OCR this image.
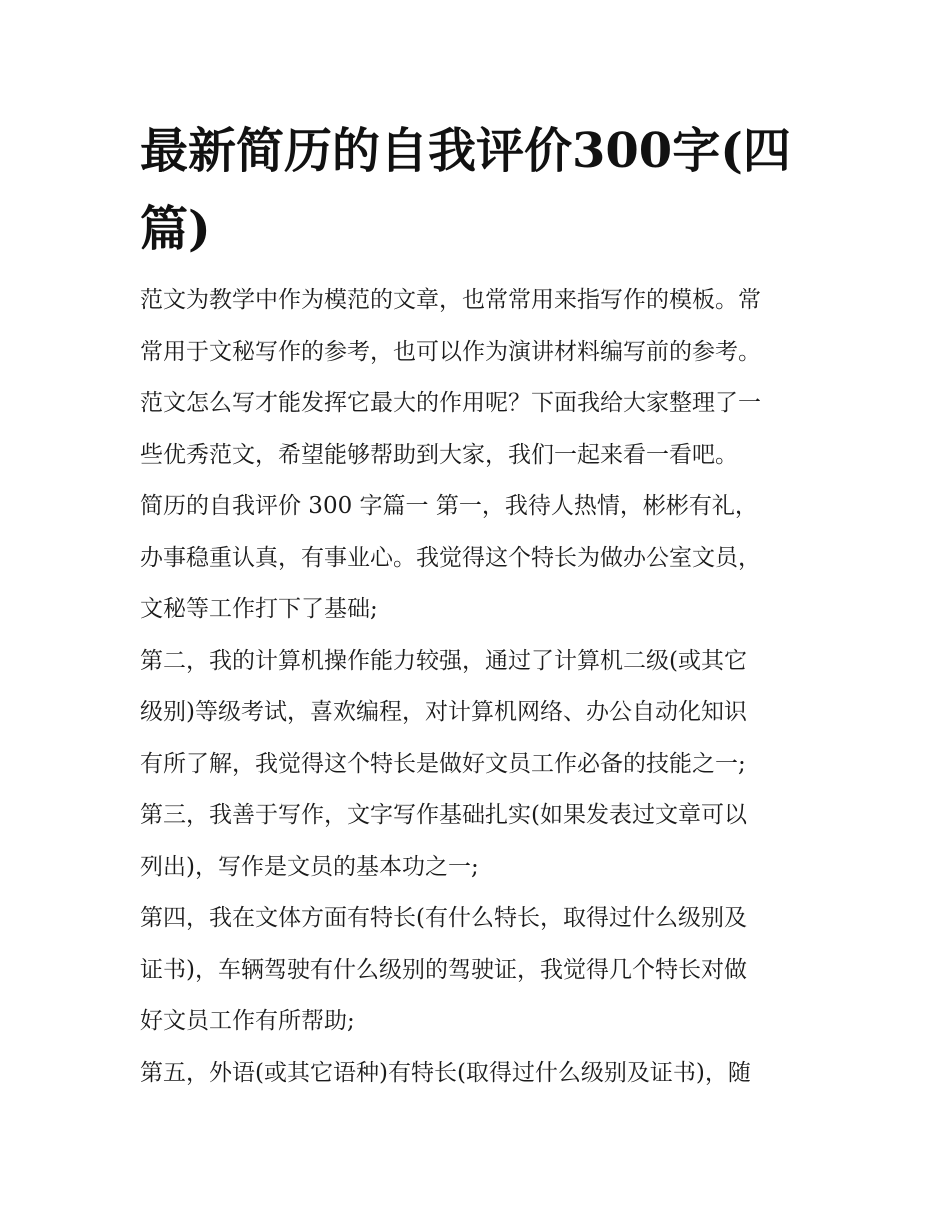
最新简历的自我评价300字(四篇)
范文为教学中作为模范的文章，也常常用来指写作的模板。常
常用于文秘写作的参考，也可以作为演讲材料编写前的参考。
范文怎么写才能发挥它最大的作用呢？下面我给大家整理了一
些优秀范文，希望能够帮助到大家，我们一起来看一看吧。
简历的自我评价 300 字篇一 第一，我待人热情，彬彬有礼，
办事稳重认真，有事业心。我觉得这个特长为做办公室文员，
文秘等工作打下了基础;
第二，我的计算机操作能力较强，通过了计算机二级(或其它
级别)等级考试，喜欢编程，对计算机网络、办公自动化知识
有所了解，我觉得这个特长是做好文员工作必备的技能之一;
第三，我善于写作，文字写作基础扎实(如果发表过文章可以
列出)，写作是文员的基本功之一;
第四，我在文体方面有特长(有什么特长，取得过什么级别及
证书)，车辆驾驶有什么级别的驾驶证，我觉得几个特长对做
好文员工作有所帮助;
第五，外语(或其它语种)有特长(取得过什么级别及证书)，随
